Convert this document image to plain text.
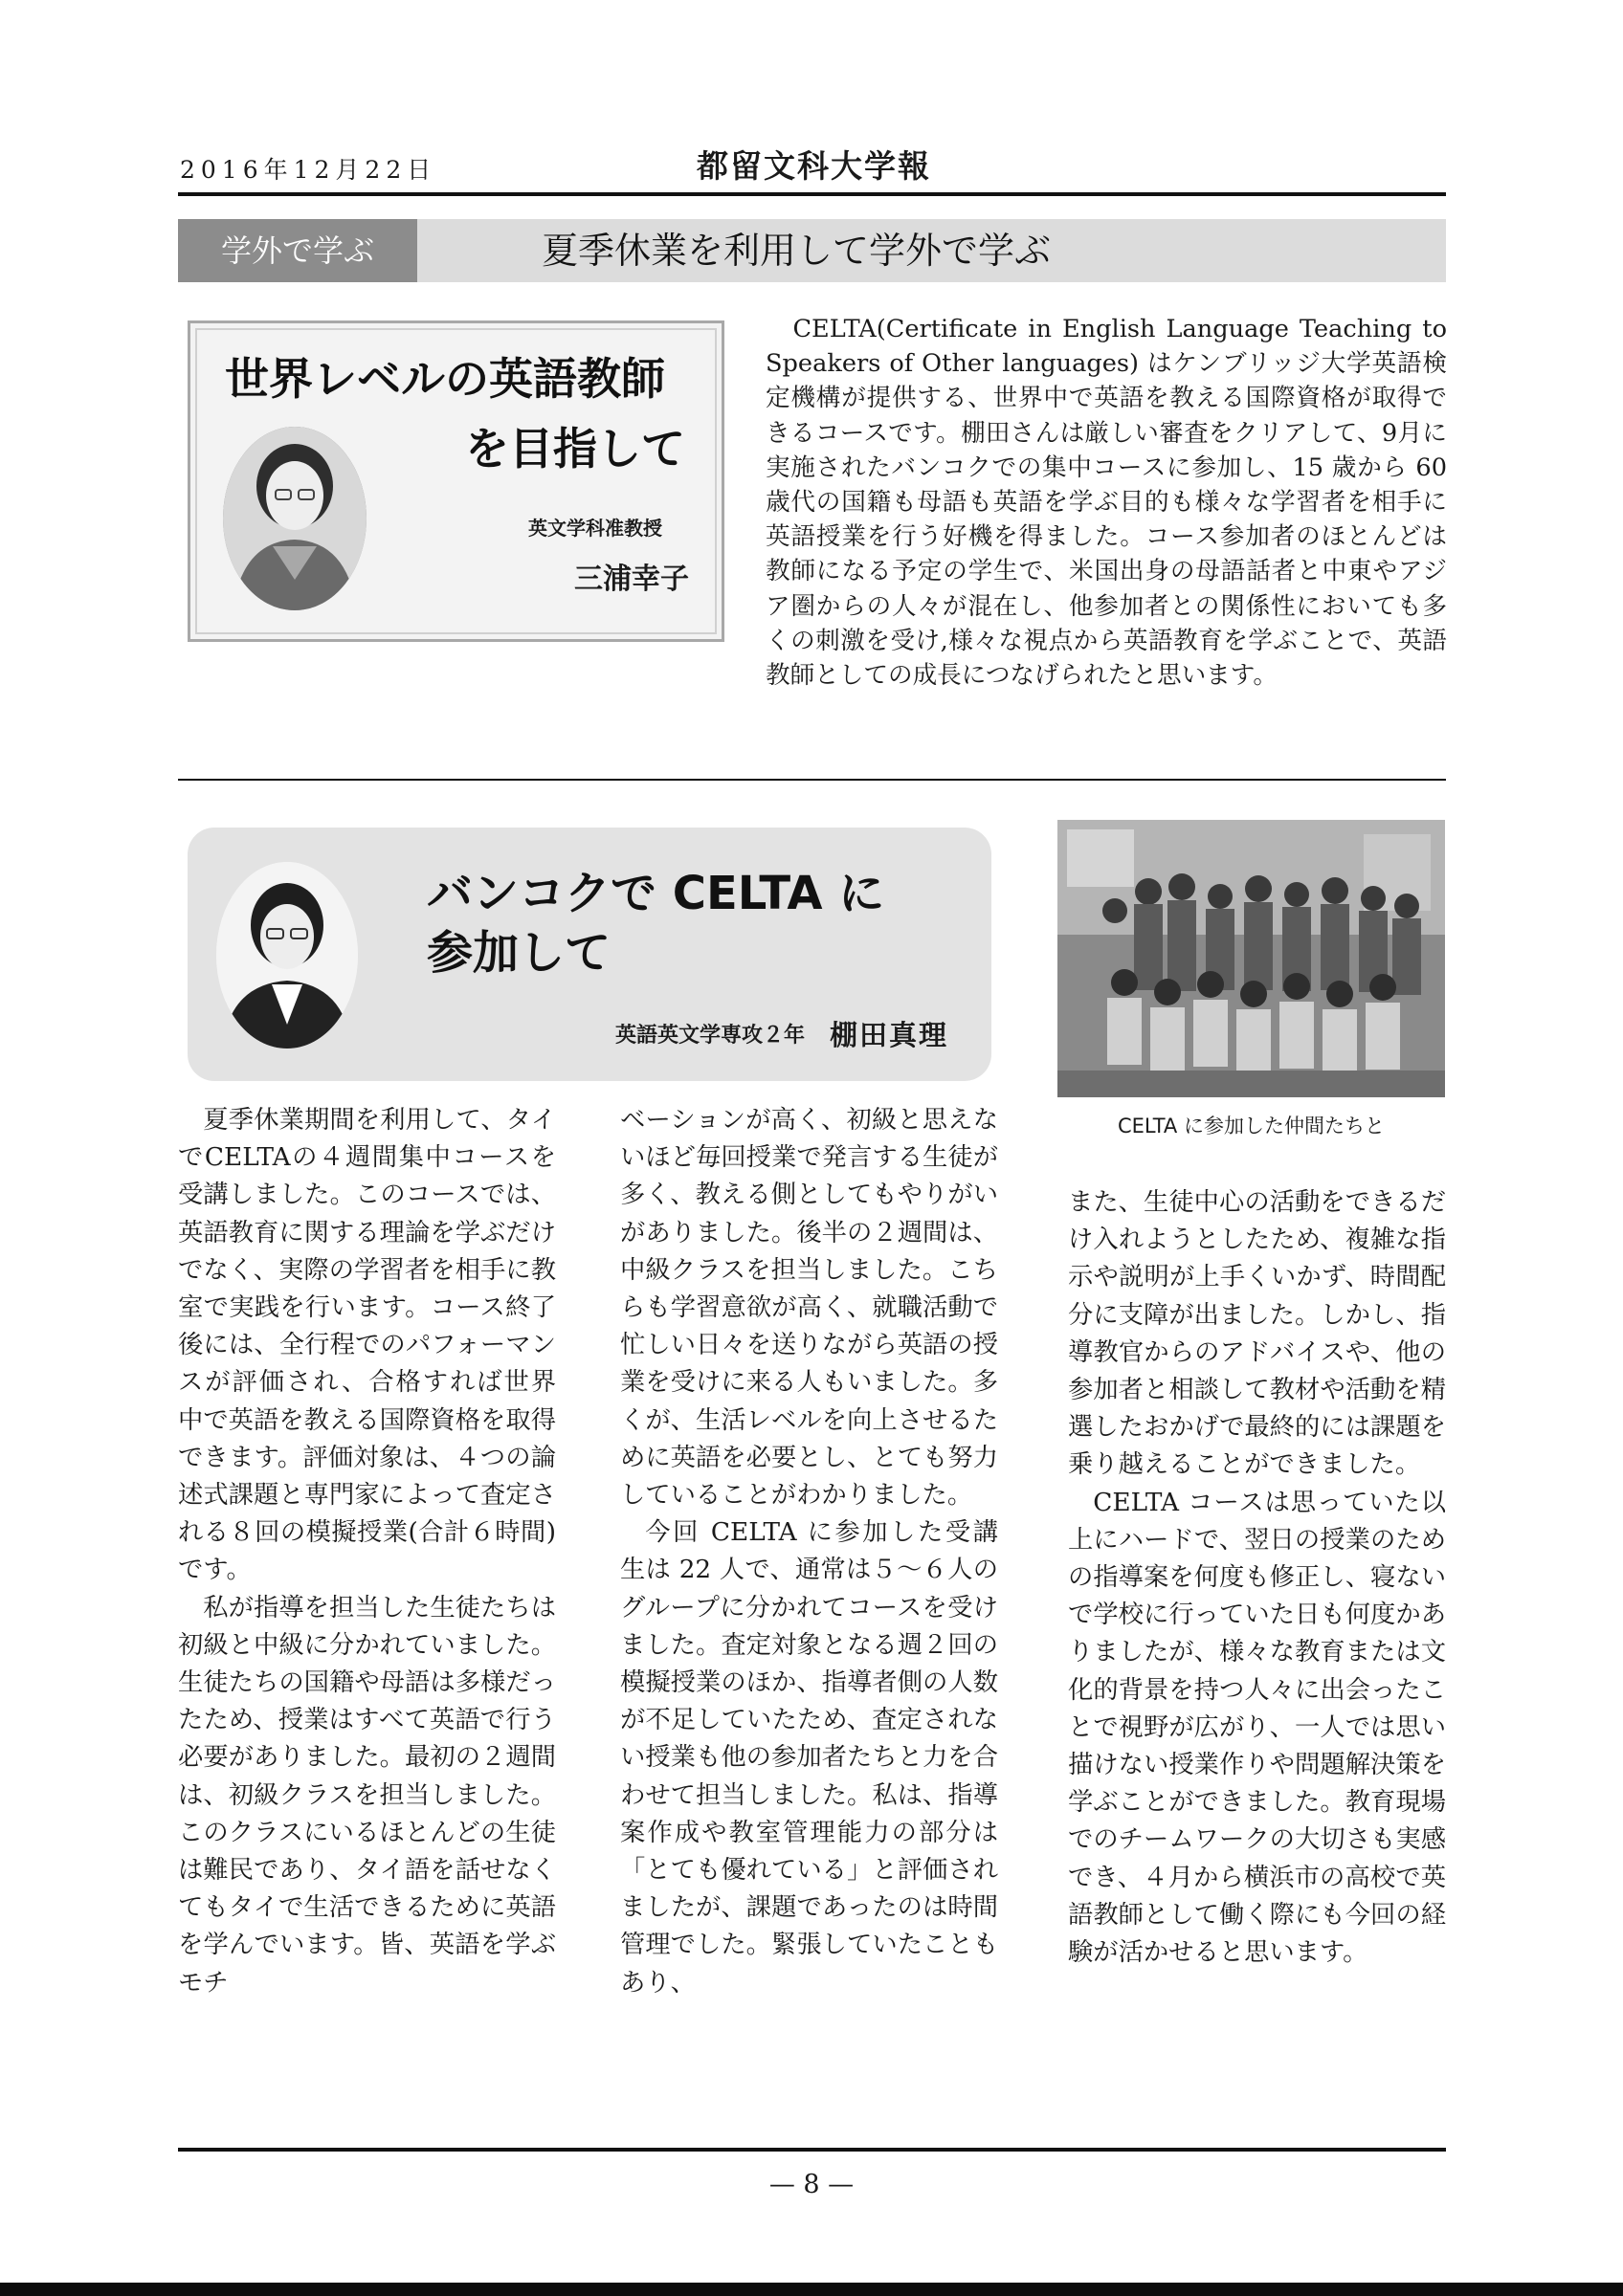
2016年12月22日	都留文科大学報
学外で学ぶ	夏季休業を利用して学外で学ぶ
世界レベルの英語教師
を目指して
英文学科准教授
三浦幸子
　CELTA(Certificate in English Language Teaching to Speakers of Other languages) はケンブリッジ大学英語検定機構が提供する、世界中で英語を教える国際資格が取得できるコースです。棚田さんは厳しい審査をクリアして、9月に実施されたバンコクでの集中コースに参加し、15 歳から 60 歳代の国籍も母語も英語を学ぶ目的も様々な学習者を相手に英語授業を行う好機を得ました。コース参加者のほとんどは教師になる予定の学生で、米国出身の母語話者と中東やアジア圏からの人々が混在し、他参加者との関係性においても多くの刺激を受け,様々な視点から英語教育を学ぶことで、英語教師としての成長につなげられたと思います。
バンコクで CELTA に
参加して
英語英文学専攻２年 棚田真理
CELTA に参加した仲間たちと

夏季休業期間を利用して、タイでCELTAの４週間集中コースを受講しました。このコースでは、英語教育に関する理論を学ぶだけでなく、実際の学習者を相手に教室で実践を行います。コース終了後には、全行程でのパフォーマンスが評価され、合格すれば世界中で英語を教える国際資格を取得できます。評価対象は、４つの論述式課題と専門家によって査定される８回の模擬授業(合計６時間)です。

私が指導を担当した生徒たちは初級と中級に分かれていました。生徒たちの国籍や母語は多様だったため、授業はすべて英語で行う必要がありました。最初の２週間は、初級クラスを担当しました。このクラスにいるほとんどの生徒は難民であり、タイ語を話せなくてもタイで生活できるために英語を学んでいます。皆、英語を学ぶモチ

ベーションが高く、初級と思えないほど毎回授業で発言する生徒が多く、教える側としてもやりがいがありました。後半の２週間は、中級クラスを担当しました。こちらも学習意欲が高く、就職活動で忙しい日々を送りながら英語の授業を受けに来る人もいました。多くが、生活レベルを向上させるために英語を必要とし、とても努力していることがわかりました。

今回 CELTA に参加した受講生は 22 人で、通常は５～６人のグループに分かれてコースを受けました。査定対象となる週２回の模擬授業のほか、指導者側の人数が不足していたため、査定されない授業も他の参加者たちと力を合わせて担当しました。私は、指導案作成や教室管理能力の部分は「とても優れている」と評価されましたが、課題であったのは時間管理でした。緊張していたこともあり、

また、生徒中心の活動をできるだけ入れようとしたため、複雑な指示や説明が上手くいかず、時間配分に支障が出ました。しかし、指導教官からのアドバイスや、他の参加者と相談して教材や活動を精選したおかげで最終的には課題を乗り越えることができました。

CELTA コースは思っていた以上にハードで、翌日の授業のための指導案を何度も修正し、寝ないで学校に行っていた日も何度かありましたが、様々な教育または文化的背景を持つ人々に出会ったことで視野が広がり、一人では思い描けない授業作りや問題解決策を学ぶことができました。教育現場でのチームワークの大切さも実感でき、４月から横浜市の高校で英語教師として働く際にも今回の経験が活かせると思います。

— 8 —
